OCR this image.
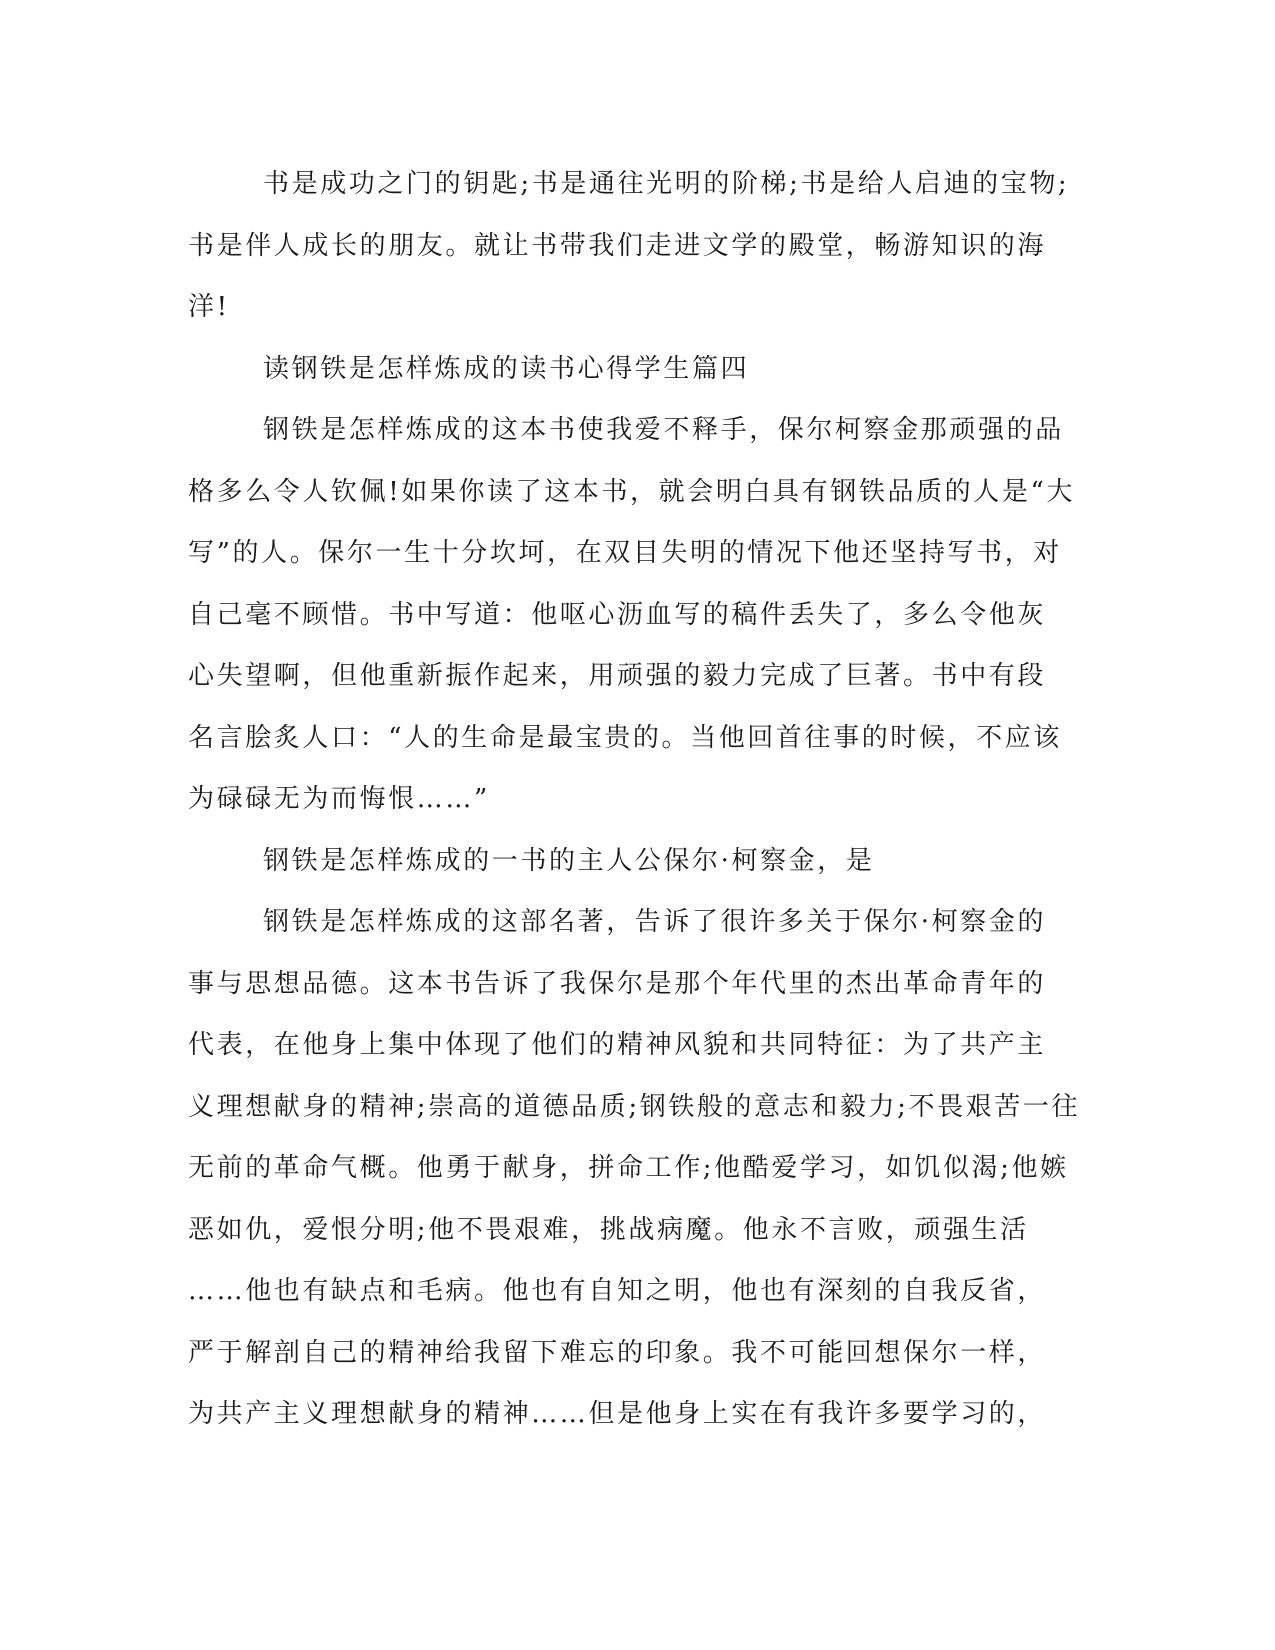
书是成功之门的钥匙;书是通往光明的阶梯;书是给人启迪的宝物;
书是伴人成长的朋友。就让书带我们走进文学的殿堂，畅游知识的海
洋!
读钢铁是怎样炼成的读书心得学生篇四
钢铁是怎样炼成的这本书使我爱不释手，保尔柯察金那顽强的品
格多么令人钦佩!如果你读了这本书，就会明白具有钢铁品质的人是“大
写”的人。保尔一生十分坎坷，在双目失明的情况下他还坚持写书，对
自己毫不顾惜。书中写道：他呕心沥血写的稿件丢失了，多么令他灰
心失望啊，但他重新振作起来，用顽强的毅力完成了巨著。书中有段
名言脍炙人口：“人的生命是最宝贵的。当他回首往事的时候，不应该
为碌碌无为而悔恨……”
钢铁是怎样炼成的一书的主人公保尔·柯察金，是
钢铁是怎样炼成的这部名著，告诉了很许多关于保尔·柯察金的
事与思想品德。这本书告诉了我保尔是那个年代里的杰出革命青年的
代表，在他身上集中体现了他们的精神风貌和共同特征：为了共产主
义理想献身的精神;崇高的道德品质;钢铁般的意志和毅力;不畏艰苦一往
无前的革命气概。他勇于献身，拼命工作;他酷爱学习，如饥似渴;他嫉
恶如仇，爱恨分明;他不畏艰难，挑战病魔。他永不言败，顽强生活
……他也有缺点和毛病。他也有自知之明，他也有深刻的自我反省，
严于解剖自己的精神给我留下难忘的印象。我不可能回想保尔一样，
为共产主义理想献身的精神……但是他身上实在有我许多要学习的，
